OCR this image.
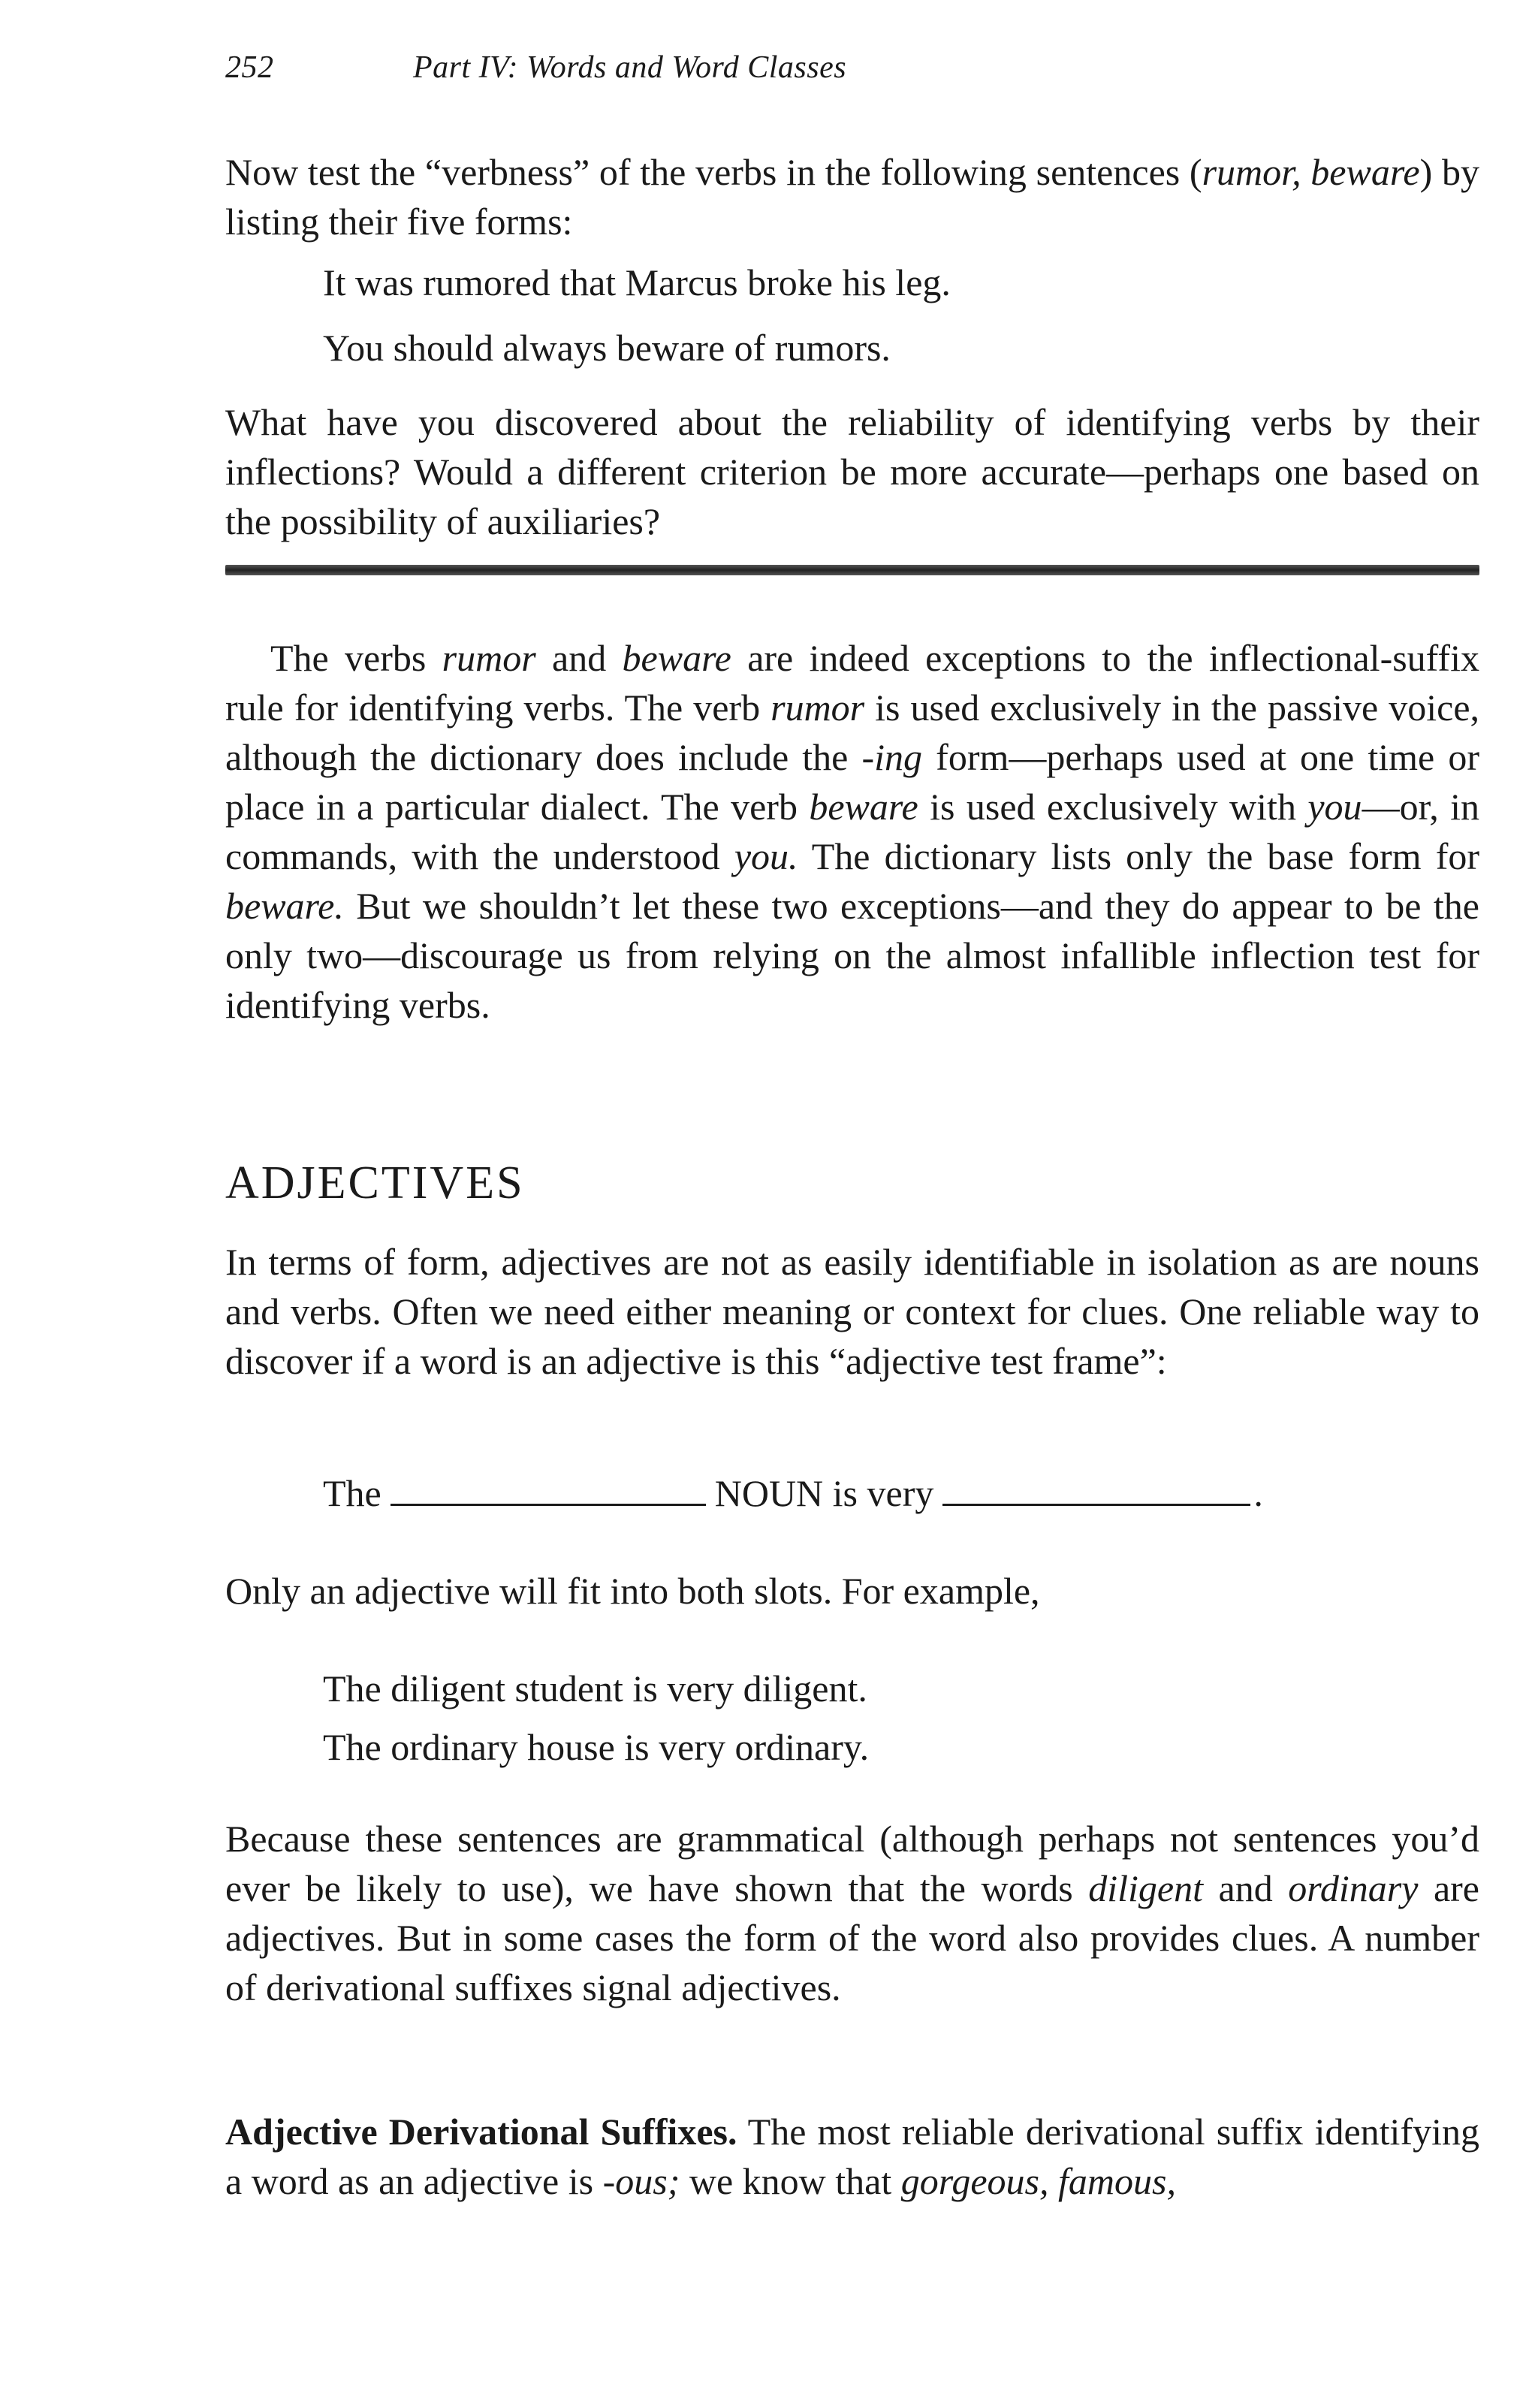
252	Part IV: Words and Word Classes

Now test the “verbness” of the verbs in the following sentences (rumor, beware) by listing their five forms:

It was rumored that Marcus broke his leg.
You should always beware of rumors.

What have you discovered about the reliability of identifying verbs by their inflections? Would a different criterion be more accurate—perhaps one based on the possibility of auxiliaries?

The verbs rumor and beware are indeed exceptions to the inflectional-suffix rule for identifying verbs. The verb rumor is used exclusively in the passive voice, although the dictionary does include the -ing form—perhaps used at one time or place in a particular dialect. The verb beware is used exclusively with you—or, in commands, with the understood you. The dictionary lists only the base form for beware. But we shouldn’t let these two exceptions—and they do appear to be the only two—discourage us from relying on the almost infallible inflection test for identifying verbs.

ADJECTIVES

In terms of form, adjectives are not as easily identifiable in isolation as are nouns and verbs. Often we need either meaning or context for clues. One reliable way to discover if a word is an adjective is this “adjective test frame”:

The	NOUN is very	.

Only an adjective will fit into both slots. For example,

The diligent student is very diligent.
The ordinary house is very ordinary.

Because these sentences are grammatical (although perhaps not sentences you’d ever be likely to use), we have shown that the words diligent and ordinary are adjectives. But in some cases the form of the word also provides clues. A number of derivational suffixes signal adjectives.

Adjective Derivational Suffixes. The most reliable derivational suffix identifying a word as an adjective is -ous; we know that gorgeous, famous,
